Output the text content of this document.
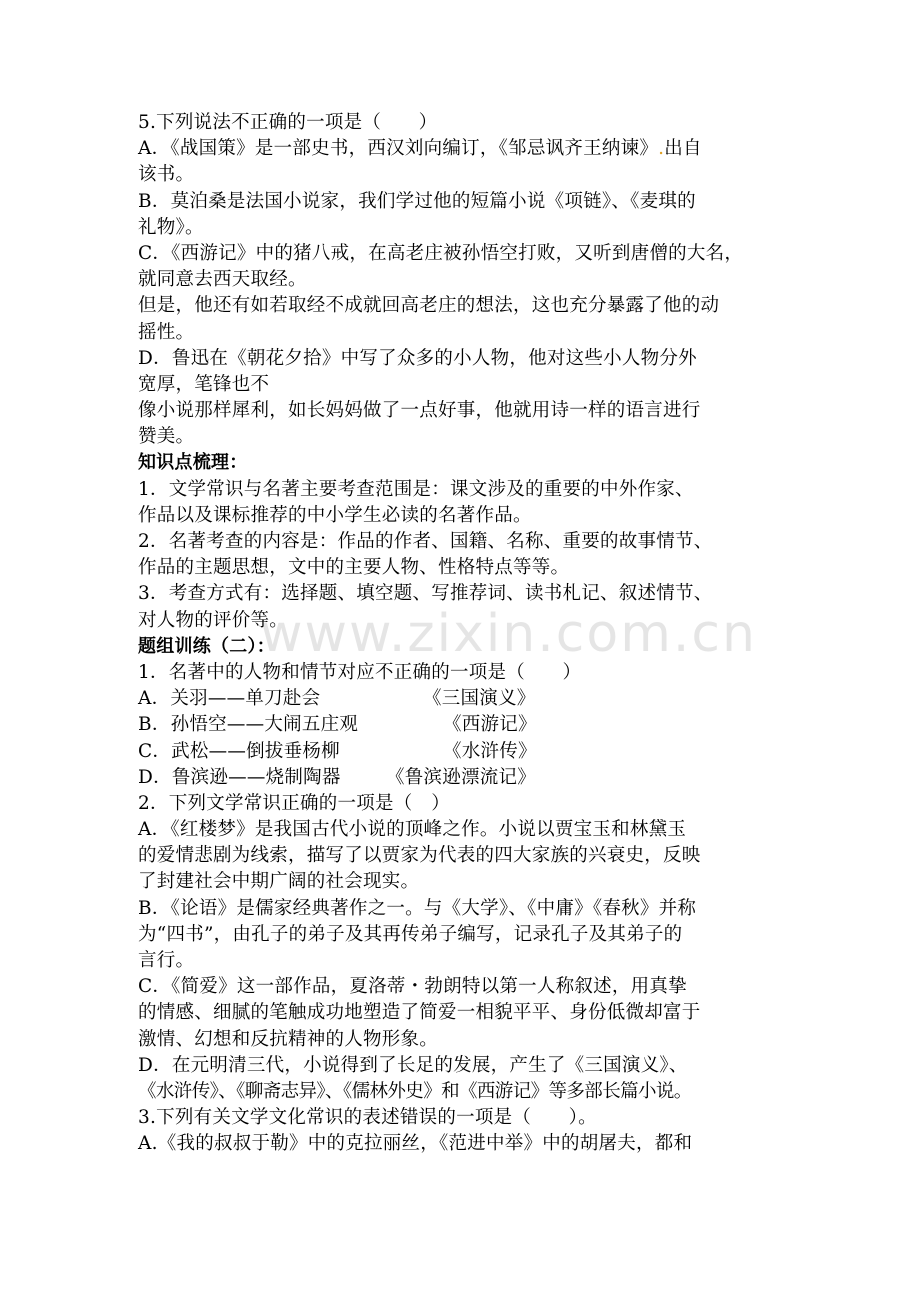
www.zixin.com.cn
5.下列说法不正确的一项是（　　）
A．《战国策》是一部史书，西汉刘向编订，《邹忌讽齐王纳谏》.出自
该书。
B．莫泊桑是法国小说家，我们学过他的短篇小说《项链》、《麦琪的
礼物》。
C．《西游记》中的猪八戒，在高老庄被孙悟空打败，又听到唐僧的大名，
就同意去西天取经。
但是，他还有如若取经不成就回高老庄的想法，这也充分暴露了他的动
摇性。
D．鲁迅在《朝花夕拾》中写了众多的小人物，他对这些小人物分外
宽厚，笔锋也不
像小说那样犀利，如长妈妈做了一点好事，他就用诗一样的语言进行
赞美。
知识点梳理：
1．文学常识与名著主要考查范围是：课文涉及的重要的中外作家、
作品以及课标推荐的中小学生必读的名著作品。
2．名著考查的内容是：作品的作者、国籍、名称、重要的故事情节、
作品的主题思想，文中的主要人物、性格特点等等。
3．考查方式有：选择题、填空题、写推荐词、读书札记、叙述情节、
对人物的评价等。
题组训练（二）：
1．名著中的人物和情节对应不正确的一项是（　　）
A．关羽——单刀赴会	《三国演义》
B．孙悟空——大闹五庄观	《西游记》
C．武松——倒拔垂杨柳	《水浒传》
D．鲁滨逊——烧制陶器 《鲁滨逊漂流记》
2．下列文学常识正确的一项是（　）
A．《红楼梦》是我国古代小说的顶峰之作。小说以贾宝玉和林黛玉
的爱情悲剧为线索，描写了以贾家为代表的四大家族的兴衰史，反映
了封建社会中期广阔的社会现实。
B．《论语》是儒家经典著作之一。与《大学》、《中庸》《春秋》并称
为“四书”，由孔子的弟子及其再传弟子编写，记录孔子及其弟子的
言行。
C．《简爱》这一部作品，夏洛蒂・勃朗特以第一人称叙述，用真挚
的情感、细腻的笔触成功地塑造了简爱一相貌平平、身份低微却富于
激情、幻想和反抗精神的人物形象。
D．在元明清三代，小说得到了长足的发展，产生了《三国演义》、
《水浒传》、《聊斋志异》、《儒林外史》和《西游记》等多部长篇小说。
3.下列有关文学文化常识的表述错误的一项是（　　）。
A.《我的叔叔于勒》中的克拉丽丝，《范进中举》中的胡屠夫，都和
